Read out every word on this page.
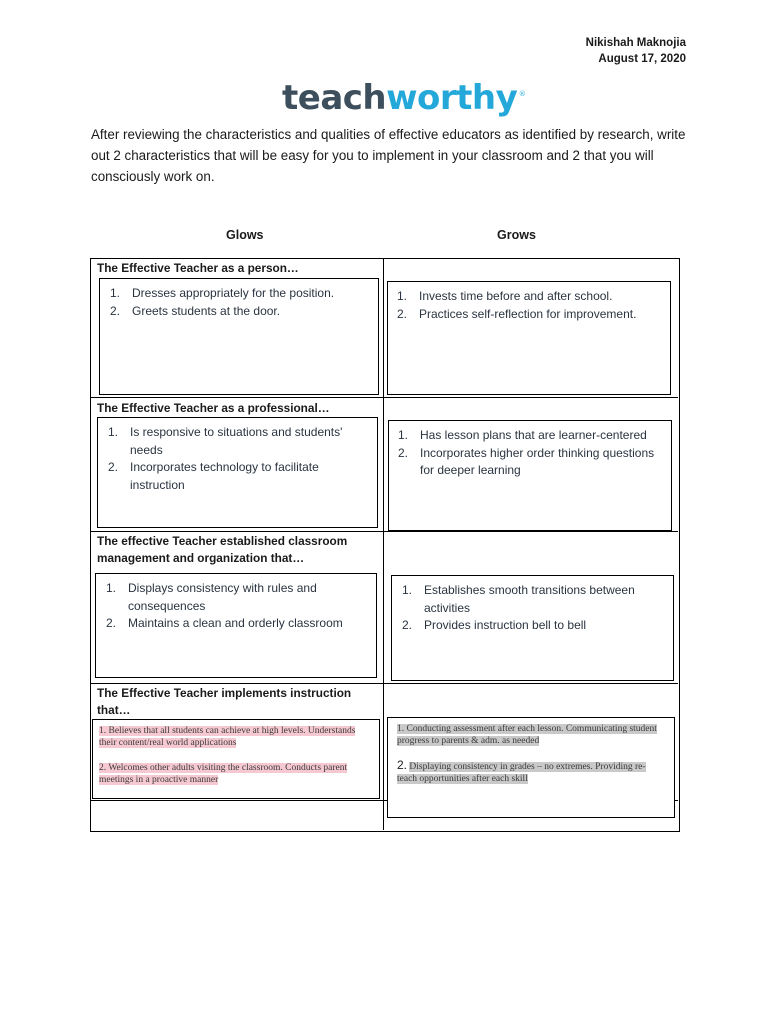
Nikishah Maknojia
August 17, 2020
teachworthy ®
After reviewing the characteristics and qualities of effective educators as identified by research, write out 2 characteristics that will be easy for you to implement in your classroom and 2 that you will consciously work on.
Glows	Grows
The Effective Teacher as a person…
1. Dresses appropriately for the position.
2. Greets students at the door.
1. Invests time before and after school.
2. Practices self-reflection for improvement.
The Effective Teacher as a professional…
1. Is responsive to situations and students' needs
2. Incorporates technology to facilitate instruction
1. Has lesson plans that are learner-centered
2. Incorporates higher order thinking questions for deeper learning
The effective Teacher established classroom management and organization that…
1. Displays consistency with rules and consequences
2. Maintains a clean and orderly classroom
1. Establishes smooth transitions between activities
2. Provides instruction bell to bell
The Effective Teacher implements instruction that…

1. Believes that all students can achieve at high levels. Understands their content/real world applications

2. Welcomes other adults visiting the classroom. Conducts parent meetings in a proactive manner

1. Conducting assessment after each lesson. Communicating student progress to parents & adm. as needed

2. Displaying consistency in grades – no extremes. Providing re-teach opportunities after each skill
